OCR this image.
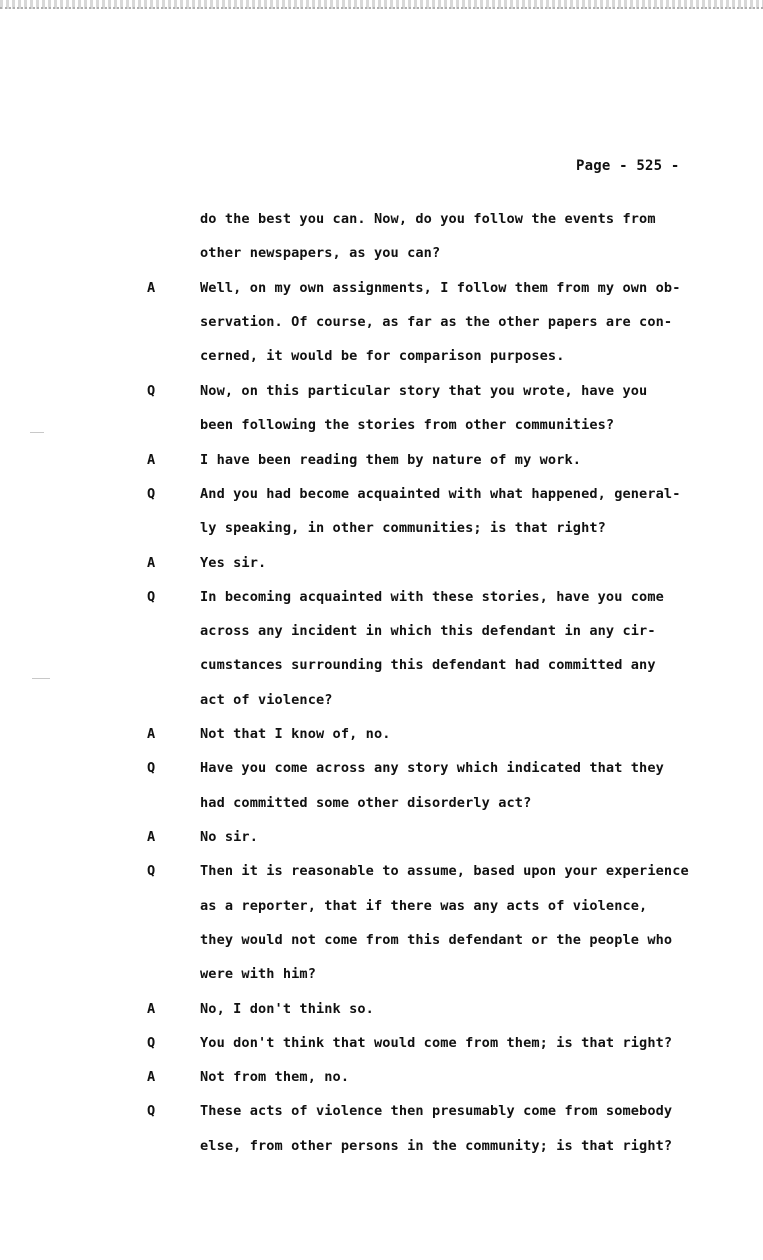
Page - 525 -
do the best you can. Now, do you follow the events from
other newspapers, as you can?
A	Well, on my own assignments, I follow them from my own ob-
servation. Of course, as far as the other papers are con-
cerned, it would be for comparison purposes.
Q	Now, on this particular story that you wrote, have you
been following the stories from other communities?
A	I have been reading them by nature of my work.
Q	And you had become acquainted with what happened, general-
ly speaking, in other communities; is that right?
A	Yes sir.
Q	In becoming acquainted with these stories, have you come
across any incident in which this defendant in any cir-
cumstances surrounding this defendant had committed any
act of violence?
A	Not that I know of, no.
Q	Have you come across any story which indicated that they
had committed some other disorderly act?
A	No sir.
Q	Then it is reasonable to assume, based upon your experience
as a reporter, that if there was any acts of violence,
they would not come from this defendant or the people who
were with him?
A	No, I don't think so.
Q	You don't think that would come from them; is that right?
A	Not from them, no.
Q	These acts of violence then presumably come from somebody
else, from other persons in the community; is that right?
